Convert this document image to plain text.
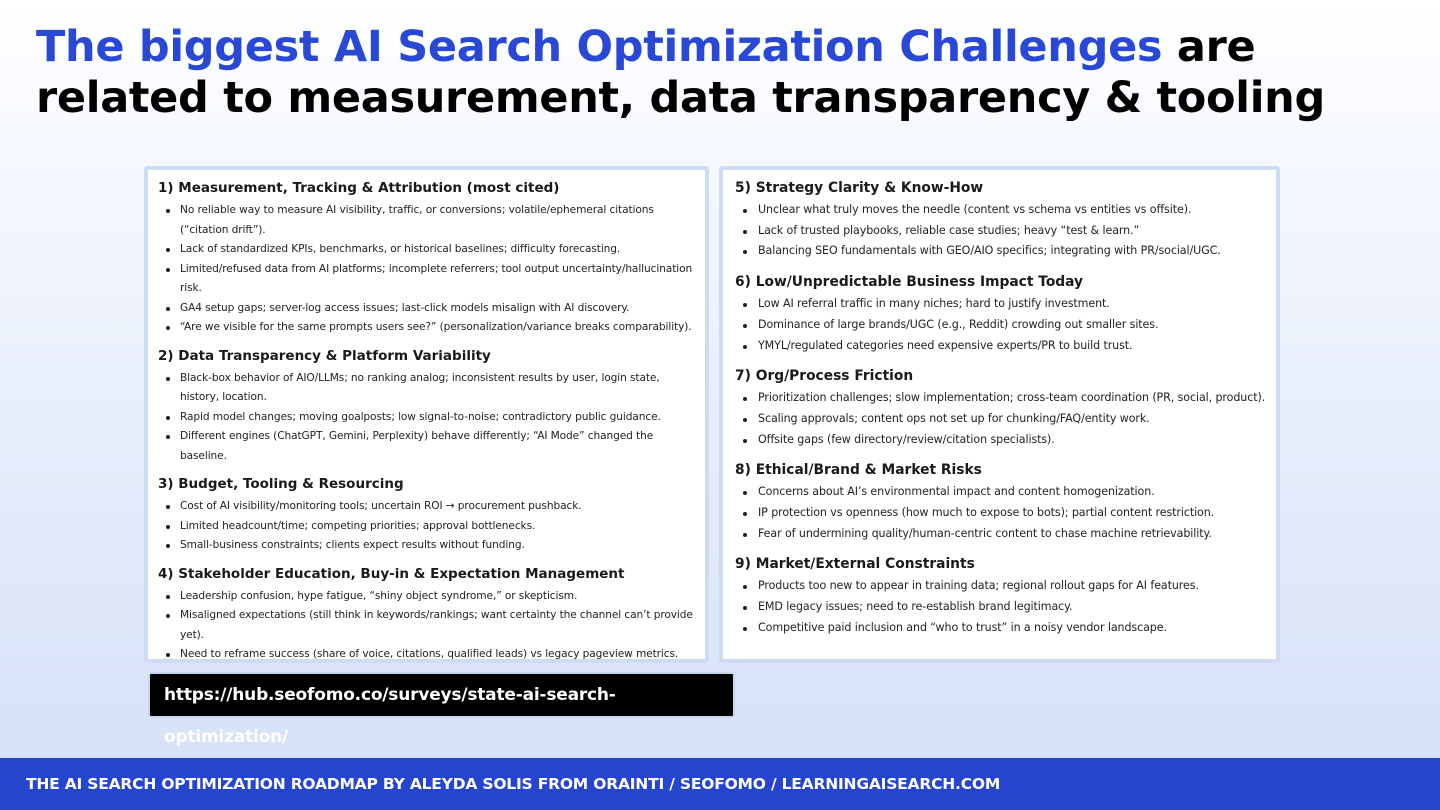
The biggest AI Search Optimization Challenges are related to measurement, data transparency & tooling
1) Measurement, Tracking & Attribution (most cited)
No reliable way to measure AI visibility, traffic, or conversions; volatile/ephemeral citations (“citation drift”).
Lack of standardized KPIs, benchmarks, or historical baselines; difficulty forecasting.
Limited/refused data from AI platforms; incomplete referrers; tool output uncertainty/hallucination risk.
GA4 setup gaps; server-log access issues; last-click models misalign with AI discovery.
“Are we visible for the same prompts users see?” (personalization/variance breaks comparability).
2) Data Transparency & Platform Variability
Black-box behavior of AIO/LLMs; no ranking analog; inconsistent results by user, login state, history, location.
Rapid model changes; moving goalposts; low signal-to-noise; contradictory public guidance.
Different engines (ChatGPT, Gemini, Perplexity) behave differently; “AI Mode” changed the baseline.
3) Budget, Tooling & Resourcing
Cost of AI visibility/monitoring tools; uncertain ROI → procurement pushback.
Limited headcount/time; competing priorities; approval bottlenecks.
Small-business constraints; clients expect results without funding.
4) Stakeholder Education, Buy-in & Expectation Management
Leadership confusion, hype fatigue, “shiny object syndrome,” or skepticism.
Misaligned expectations (still think in keywords/rankings; want certainty the channel can’t provide yet).
Need to reframe success (share of voice, citations, qualified leads) vs legacy pageview metrics.
5) Strategy Clarity & Know-How
Unclear what truly moves the needle (content vs schema vs entities vs offsite).
Lack of trusted playbooks, reliable case studies; heavy “test & learn.”
Balancing SEO fundamentals with GEO/AIO specifics; integrating with PR/social/UGC.
6) Low/Unpredictable Business Impact Today
Low AI referral traffic in many niches; hard to justify investment.
Dominance of large brands/UGC (e.g., Reddit) crowding out smaller sites.
YMYL/regulated categories need expensive experts/PR to build trust.
7) Org/Process Friction
Prioritization challenges; slow implementation; cross-team coordination (PR, social, product).
Scaling approvals; content ops not set up for chunking/FAQ/entity work.
Offsite gaps (few directory/review/citation specialists).
8) Ethical/Brand & Market Risks
Concerns about AI’s environmental impact and content homogenization.
IP protection vs openness (how much to expose to bots); partial content restriction.
Fear of undermining quality/human-centric content to chase machine retrievability.
9) Market/External Constraints
Products too new to appear in training data; regional rollout gaps for AI features.
EMD legacy issues; need to re-establish brand legitimacy.
Competitive paid inclusion and “who to trust” in a noisy vendor landscape.
https://hub.seofomo.co/surveys/state-ai-search-optimization/
THE AI SEARCH OPTIMIZATION ROADMAP BY ALEYDA SOLIS FROM ORAINTI / SEOFOMO / LEARNINGAISEARCH.COM
